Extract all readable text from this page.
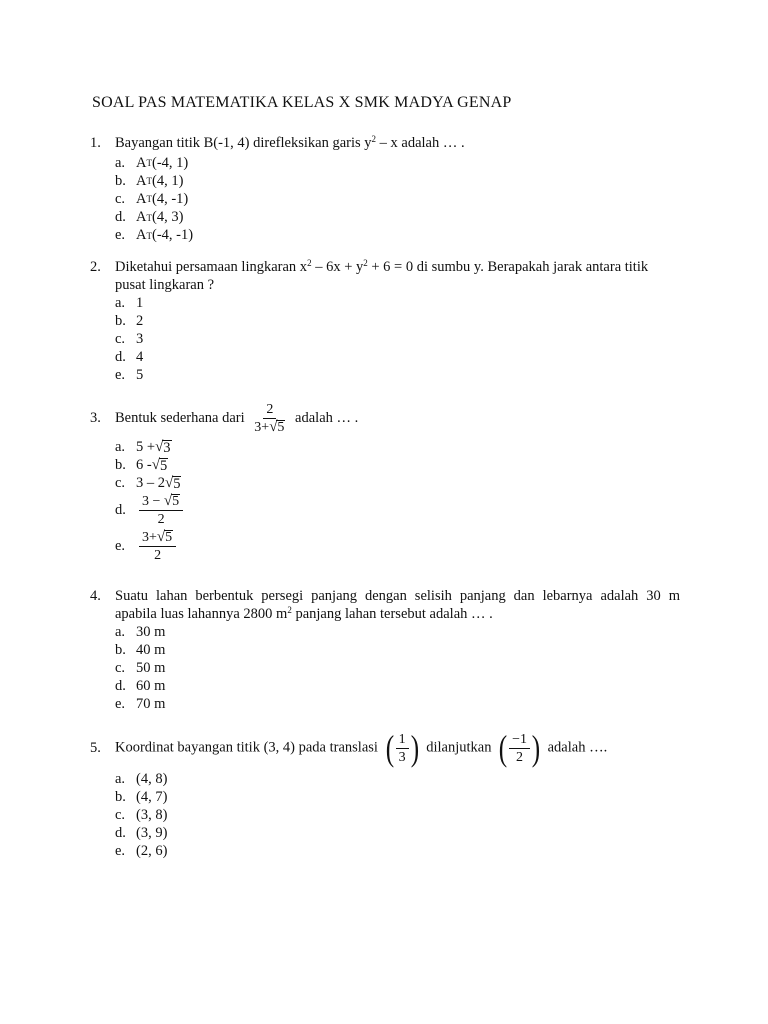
SOAL PAS MATEMATIKA KELAS X SMK MADYA GENAP
1. Bayangan titik B(-1, 4) direfleksikan garis $y^2$ – x adalah … .
a. A T (-4, 1)
b. A T (4, 1)
c. A T (4, -1)
d. A T (4, 3)
e. A T (-4, -1)
2. Diketahui persamaan lingkaran $x^2 - 6x + y^2 + 6 = 0$ di sumbu y. Berapakah jarak antara titik
pusat lingkaran ?
a. 1
b. 2
c. 3
d. 4
e. 5
3. Bentuk sederhana dari $\frac{2}{3+ √ 5}$ adalah … .
a. 5 + √ 3
b. 6 - √ 5
c. 3 – 2 √ 5
d. $\frac{3 - √ 5}{2}$
e. $\frac{3+ √ 5}{2}$
4. Suatu lahan berbentuk persegi panjang dengan selisih panjang dan lebarnya adalah 30 m
apabila luas lahannya 2800 $m^2$ panjang lahan tersebut adalah … .
a. 30 m
b. 40 m
c. 50 m
d. 60 m
e. 70 m
5. Koordinat bayangan titik (3, 4) pada translasi ( $\frac{1}{3}$ ) dilanjutkan ( $\frac{-1}{2}$ ) adalah ….
a. (4, 8)
b. (4, 7)
c. (3, 8)
d. (3, 9)
e. (2, 6)
